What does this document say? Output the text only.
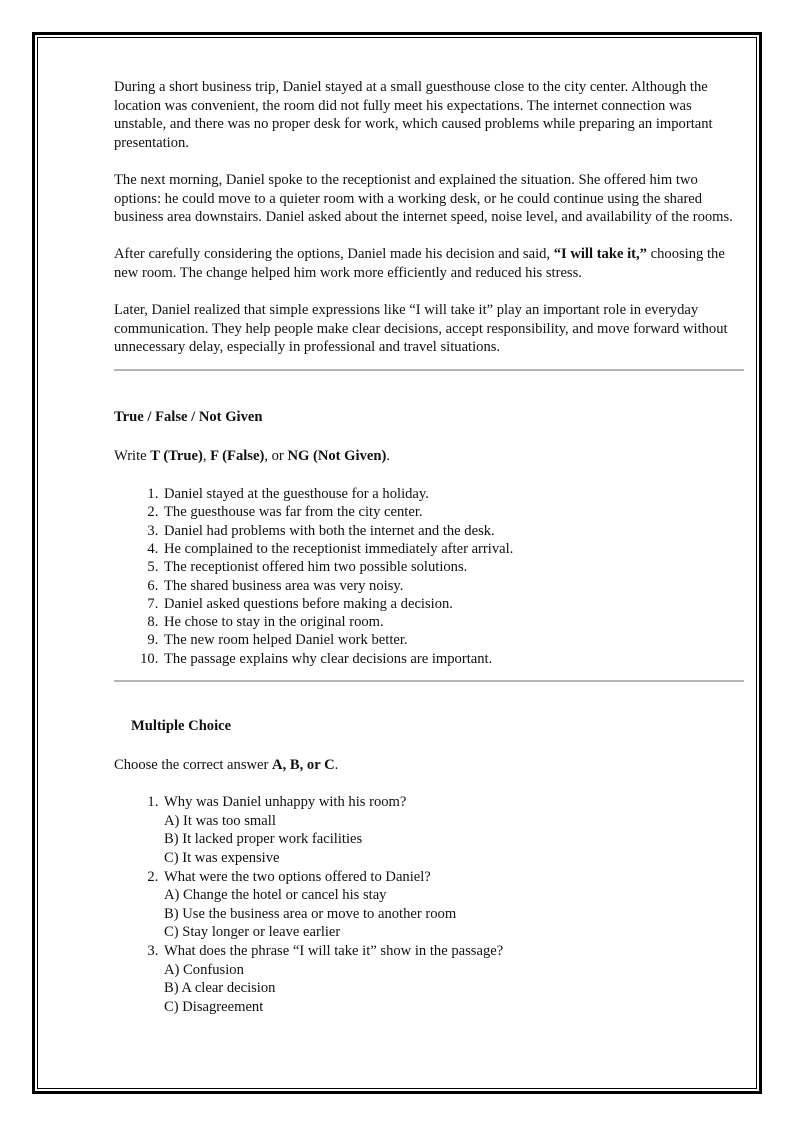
During a short business trip, Daniel stayed at a small guesthouse close to the city center. Although the location was convenient, the room did not fully meet his expectations. The internet connection was unstable, and there was no proper desk for work, which caused problems while preparing an important presentation.

The next morning, Daniel spoke to the receptionist and explained the situation. She offered him two options: he could move to a quieter room with a working desk, or he could continue using the shared business area downstairs. Daniel asked about the internet speed, noise level, and availability of the rooms.

After carefully considering the options, Daniel made his decision and said, “I will take it,” choosing the new room. The change helped him work more efficiently and reduced his stress.

Later, Daniel realized that simple expressions like “I will take it” play an important role in everyday communication. They help people make clear decisions, accept responsibility, and move forward without unnecessary delay, especially in professional and travel situations.

True / False / Not Given

Write T (True), F (False), or NG (Not Given).

1. Daniel stayed at the guesthouse for a holiday.
2. The guesthouse was far from the city center.
3. Daniel had problems with both the internet and the desk.
4. He complained to the receptionist immediately after arrival.
5. The receptionist offered him two possible solutions.
6. The shared business area was very noisy.
7. Daniel asked questions before making a decision.
8. He chose to stay in the original room.
9. The new room helped Daniel work better.
10. The passage explains why clear decisions are important.

Multiple Choice

Choose the correct answer A, B, or C.

1. Why was Daniel unhappy with his room?
A) It was too small
B) It lacked proper work facilities
C) It was expensive
2. What were the two options offered to Daniel?
A) Change the hotel or cancel his stay
B) Use the business area or move to another room
C) Stay longer or leave earlier
3. What does the phrase “I will take it” show in the passage?
A) Confusion
B) A clear decision
C) Disagreement
